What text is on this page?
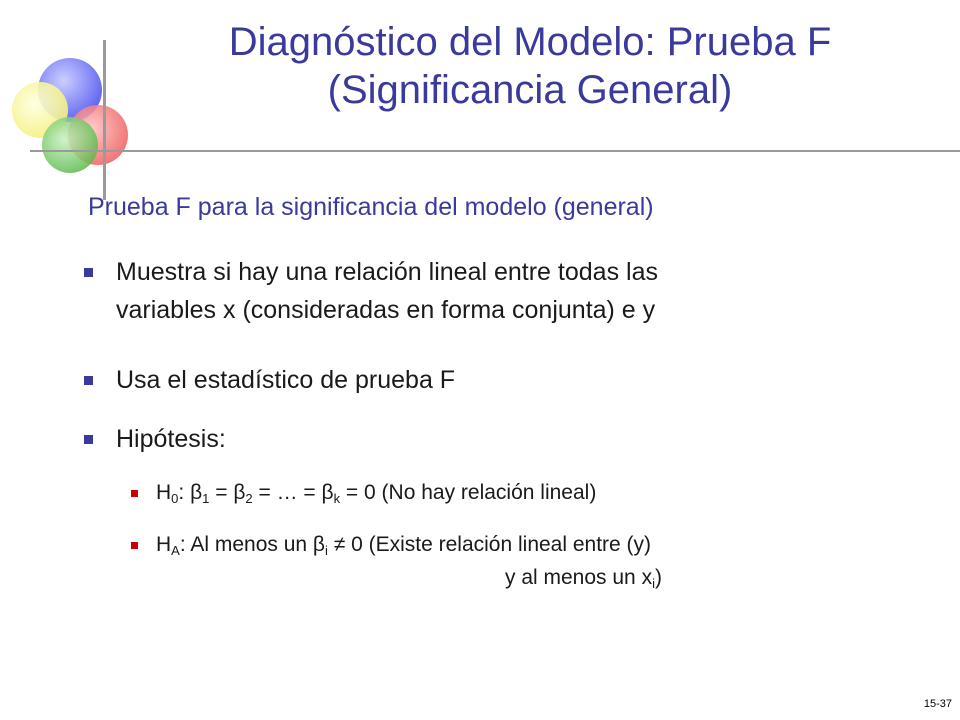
Diagnóstico del Modelo: Prueba F
(Significancia General)
Prueba F para la significancia del modelo (general)
Muestra si hay una relación lineal entre todas las
variables x (consideradas en forma conjunta) e y
Usa el estadístico de prueba F
Hipótesis:
$H_0$: $\beta_1 = \beta_2$ = … = $\beta_k = 0$ (No hay relación lineal)
$H_A$: Al menos un $\beta_i \ne 0$ (Existe relación lineal entre (y)
y al menos un $x_i$)
15-37
